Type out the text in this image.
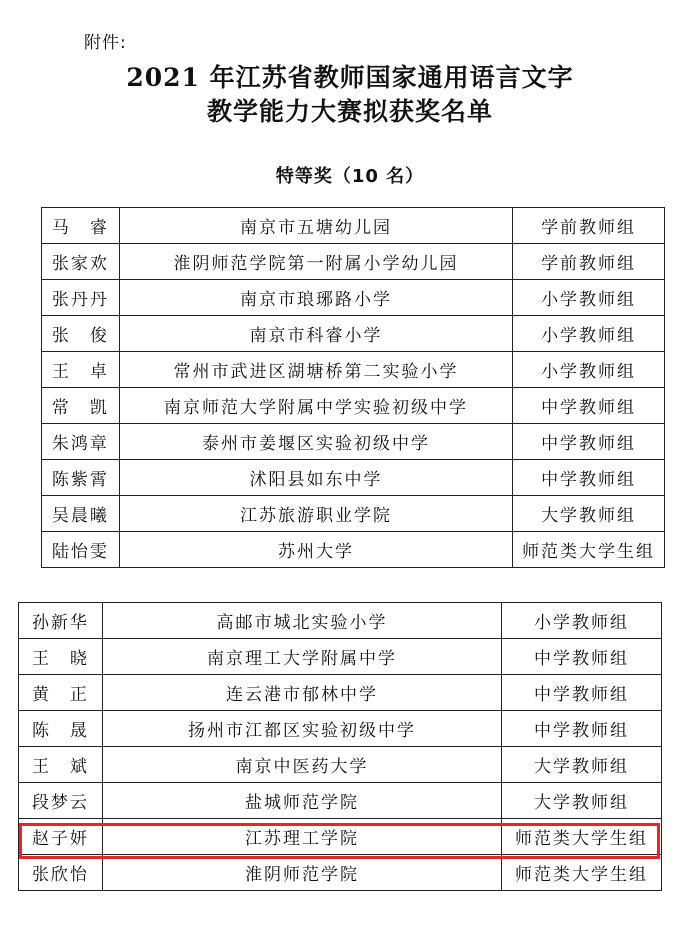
附件:
2021 年江苏省教师国家通用语言文字
教学能力大赛拟获奖名单
特等奖（10 名）
马　睿	南京市五塘幼儿园	学前教师组
张家欢	淮阴师范学院第一附属小学幼儿园	学前教师组
张丹丹	南京市琅琊路小学	小学教师组
张　俊	南京市科睿小学	小学教师组
王　卓	常州市武进区湖塘桥第二实验小学	小学教师组
常　凯	南京师范大学附属中学实验初级中学	中学教师组
朱鸿章	泰州市姜堰区实验初级中学	中学教师组
陈紫霄	沭阳县如东中学	中学教师组
吴晨曦	江苏旅游职业学院	大学教师组
陆怡雯	苏州大学	师范类大学生组
孙新华	高邮市城北实验小学	小学教师组
王　晓	南京理工大学附属中学	中学教师组
黄　正	连云港市郁林中学	中学教师组
陈　晟	扬州市江都区实验初级中学	中学教师组
王　斌	南京中医药大学	大学教师组
段梦云	盐城师范学院	大学教师组
赵子妍	江苏理工学院	师范类大学生组
张欣怡	淮阴师范学院	师范类大学生组
